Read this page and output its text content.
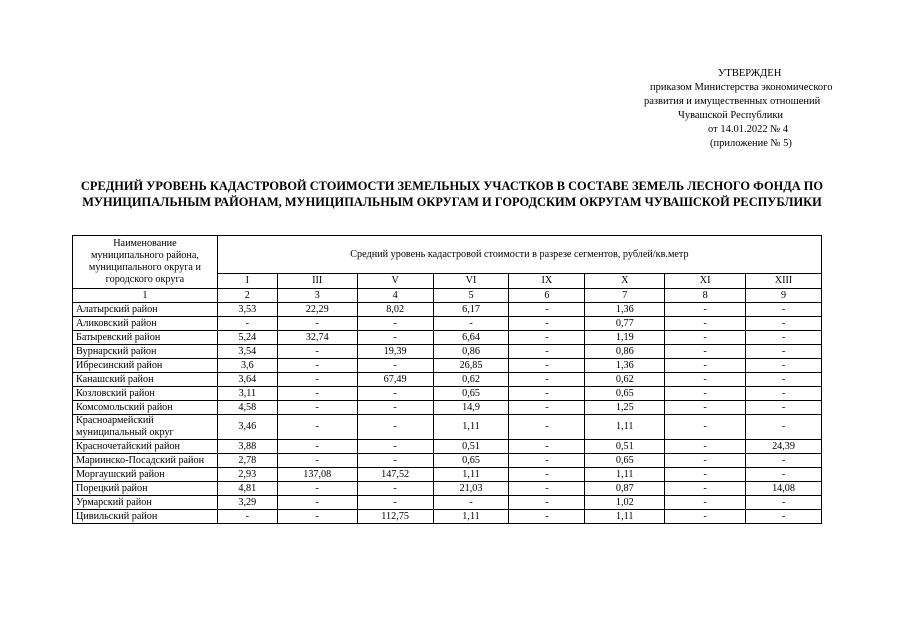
УТВЕРЖДЕН
приказом Министерства экономического
развития и имущественных отношений
Чувашской Республики
от 14.01.2022 № 4
(приложение № 5)
СРЕДНИЙ УРОВЕНЬ КАДАСТРОВОЙ СТОИМОСТИ ЗЕМЕЛЬНЫХ УЧАСТКОВ В СОСТАВЕ ЗЕМЕЛЬ ЛЕСНОГО ФОНДА ПО МУНИЦИПАЛЬНЫМ РАЙОНАМ, МУНИЦИПАЛЬНЫМ ОКРУГАМ И ГОРОДСКИМ ОКРУГАМ ЧУВАШСКОЙ РЕСПУБЛИКИ
Наименование муниципального района, муниципального округа и городского округа	Средний уровень кадастровой стоимости в разрезе сегментов, рублей/кв.метр							
	I	III	V	VI	IX	X	XI	XIII
1	2	3	4	5	6	7	8	9
Алатырский район	3,53	22,29	8,02	6,17	-	1,36	-	-
Аликовский район	-	-	-	-	-	0,77	-	-
Батыревский район	5,24	32,74	-	6,64	-	1,19	-	-
Вурнарский район	3,54	-	19,39	0,86	-	0,86	-	-
Ибресинский район	3,6	-	-	26,85	-	1,36	-	-
Канашский район	3,64	-	67,49	0,62	-	0,62	-	-
Козловский район	3,11	-	-	0,65	-	0,65	-	-
Комсомольский район	4,58	-	-	14,9	-	1,25	-	-
Красноармейский муниципальный округ	3,46	-	-	1,11	-	1,11	-	-
Красночетайский район	3,88	-	-	0,51	-	0,51	-	24,39
Мариинско-Посадский район	2,78	-	-	0,65	-	0,65	-	-
Моргаушский район	2,93	137,08	147,52	1,11	-	1,11	-	-
Порецкий район	4,81	-	-	21,03	-	0,87	-	14,08
Урмарский район	3,29	-	-	-	-	1,02	-	-
Цивильский район	-	-	112,75	1,11	-	1,11	-	-
